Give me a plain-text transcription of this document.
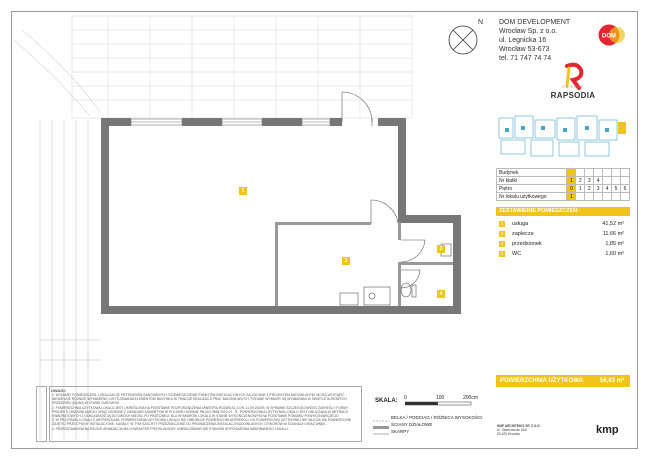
1
2
3
4
N DOM DEVELOPMENT
Wrocław Sp. z o.o.
ul. Legnicka 16
Wrocław 53-673
tel. 71 747 74 74
DOM
OSIEDLE
RAPSODIA
Budynek							
Nr klatki	1	2	3	4			
Piętro	0	1	2	3	4	5	6
Nr lokalu użytkowego	1						
ZESTAWIENIE POMIESZCZEŃ:
1	usługa	41,52 m²
2	zaplecze	11,66 m²
3	przedsionek	1,85 m²
4	WC	1,60 m²
POWIERZCHNIA UŻYTKOWA:	56,63 m²
UWAGI:

1. WYMIARY POMIESZCZEŃ, LOKALIZACJE PRZYBORÓW SANITARNYCH, ROZMIESZCZENIE PUNKTÓW INSTALACYJNYCH SĄ ZGODNE Z PROJEKTEM BUDOWLANYM. MOGĄ WYSTĄPIĆ NIEWIELKIE RÓŻNICE WYMIARÓW I USYTUOWANIA ELEMENTÓW BUDYNKU W TRAKCIE REALIZACJI PRAC BUDOWLANYCH. PODANE WYMIARY SĄ WYMIARAMI W ŚWIETLE SUROWYCH PRZEGRÓD (ŚCIAN) W STANIE SUROWYM.

2. POWIERZCHNIA UŻYTKOWA LOKALU JEST OKREŚLONA NA PODSTAWIE ROZPORZĄDZENIA MINISTRA ROZWOJU Z DN. 11.09.2020R. W SPRAWIE SZCZEGÓŁOWEGO ZAKRESU I FORMY PROJEKTU BUDOWLANEGO ORAZ ZGODNIE Z ZASADAMI ZAWARTYMI W POLSKIEJ NORMIE PN-ISO 9836:2022-07. TŁ. POWIERZCHNIA UŻYTKOWA LOKALU JEST OBLICZANA W METRACH KWADRATOWYCH Z DOKŁADNOŚCIĄ DO DWÓCH MIEJSC PO PRZECINKU. DLA WYMIARÓW LOKALU W STANIE WYKOŃCZENIOWYM NA PODSTAWIE POMIARU POWYKONAWCZEGO.

3. W PRZYPADKU LOKALI Z ANTRESOLAMI, POWIERZCHNIA UŻYTKOWA LOKALU NIE OBEJMUJE POWIERZCHNI ANTRESOLI. DO POWIERZCHNI UŻYTKOWEJ NIE WLICZA SIĘ POWIERZCHNI ZAJĘTEJ PRZEZ PIONY INSTALACYJNE, KANAŁY, W TYM SZACHTY PRZEZNACZONE DO PROWADZENIA INSTALACJI BUDOWLANYCH, OTWORÓW W ŚCIANACH ORAZ WNĘK.

4. PRZEDSTAWIONA NA RZUCIE ARANŻACJA MA CHARAKTER PRZYKŁADOWY, UMEBLOWANIE NIE STANOWI WYPOSAŻENIA NABYWANEGO LOKALU.

SKALA: 0	100	200cm
BELKA / PODCIĄG / RÓŻNICA WYSOKOŚCI
ŚCIANY DZIAŁOWE
SKARPY
KMP ARCHITEKCI SP. Z O.O.
Ul. Skarbowców 31/6
53-025 Wrocław	kmp
